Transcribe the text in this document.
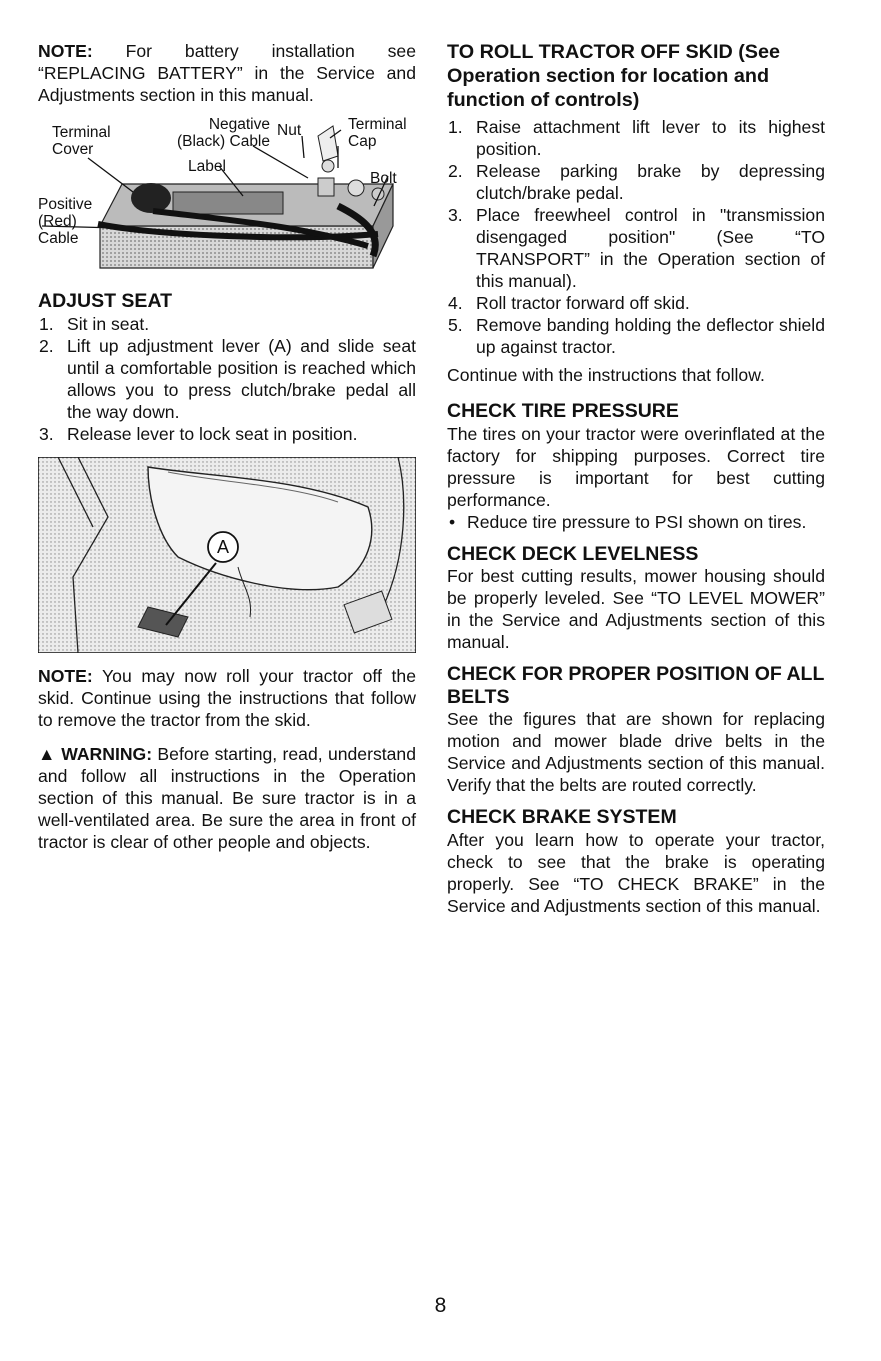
NOTE: For battery installation see “REPLACING BATTERY” in the Service and Adjustments section in this manual.

Terminal Cover
Negative (Black) Cable
Nut	Terminal Cap
Label
Bolt
Positive (Red) Cable
ADJUST SEAT
1. Sit in seat.
2. Lift up adjustment lever (A) and slide seat until a comfortable position is reached which allows you to press clutch/brake pedal all the way down.
3. Release lever to lock seat in position.
A

NOTE: You may now roll your tractor off the skid. Continue using the instructions that follow to remove the tractor from the skid.

▲ WARNING: Before starting, read, understand and follow all instructions in the Operation section of this manual. Be sure tractor is in a well-ventilated area. Be sure the area in front of tractor is clear of other people and objects.

TO ROLL TRACTOR OFF SKID (See Operation section for location and function of controls)
1. Raise attachment lift lever to its highest position.
2. Release parking brake by depressing clutch/brake pedal.
3. Place freewheel control in "transmission disengaged position" (See “TO TRANSPORT” in the Operation section of this manual).
4. Roll tractor forward off skid.
5. Remove banding holding the deflector shield up against tractor.

Continue with the instructions that follow.

CHECK TIRE PRESSURE

The tires on your tractor were overinflated at the factory for shipping purposes. Correct tire pressure is important for best cutting performance.

• Reduce tire pressure to PSI shown on tires.
CHECK DECK LEVELNESS

For best cutting results, mower housing should be properly leveled. See “TO LEVEL MOWER” in the Service and Adjustments section of this manual.

CHECK FOR PROPER POSITION OF ALL BELTS

See the figures that are shown for replacing motion and mower blade drive belts in the Service and Adjustments section of this manual. Verify that the belts are routed correctly.

CHECK BRAKE SYSTEM

After you learn how to operate your tractor, check to see that the brake is operating properly. See “TO CHECK BRAKE” in the Service and Adjustments section of this manual.

8
